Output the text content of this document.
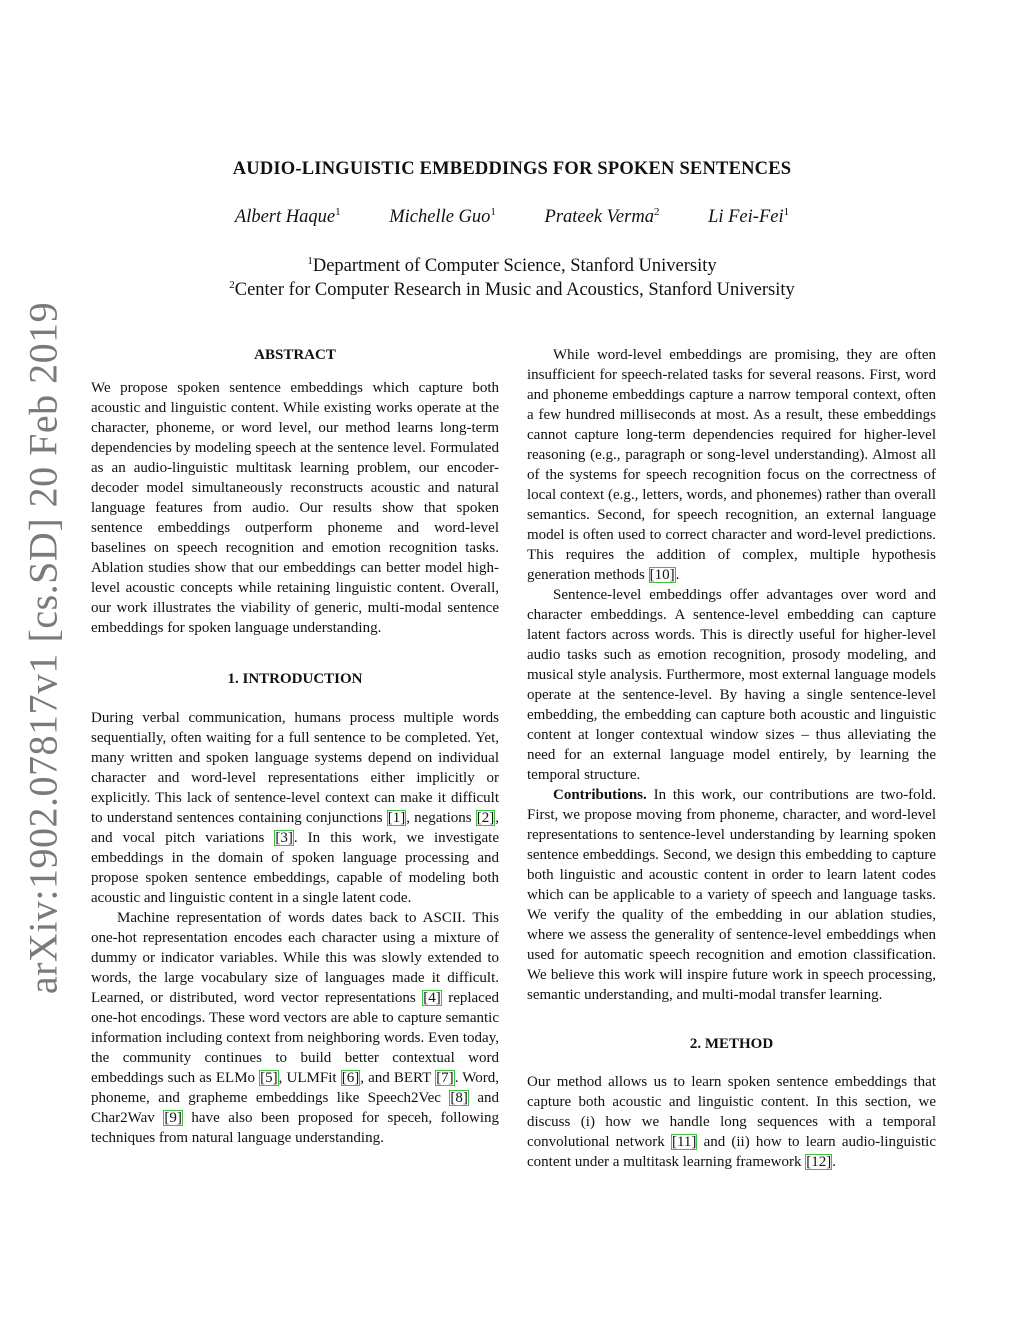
arXiv:1902.07817v1 [cs.SD] 20 Feb 2019
AUDIO-LINGUISTIC EMBEDDINGS FOR SPOKEN SENTENCES
Albert Haque$^1$	Michelle Guo$^1$	Prateek Verma$^2$	Li Fei-Fei$^1$
$^1$Department of Computer Science, Stanford University
$^2$Center for Computer Research in Music and Acoustics, Stanford University
ABSTRACT

We propose spoken sentence embeddings which capture both acoustic and linguistic content. While existing works operate at the character, phoneme, or word level, our method learns long-term dependencies by modeling speech at the sentence level. Formulated as an audio-linguistic multitask learning problem, our encoder-decoder model simultaneously reconstructs acoustic and natural language features from audio. Our results show that spoken sentence embeddings outperform phoneme and word-level baselines on speech recognition and emotion recognition tasks. Ablation studies show that our embeddings can better model high-level acoustic concepts while retaining linguistic content. Overall, our work illustrates the viability of generic, multi-modal sentence embeddings for spoken language understanding.

1. INTRODUCTION

During verbal communication, humans process multiple words sequentially, often waiting for a full sentence to be completed. Yet, many written and spoken language systems depend on individual character and word-level representations either implicitly or explicitly. This lack of sentence-level context can make it difficult to understand sentences containing conjunctions [1], negations [2], and vocal pitch variations [3]. In this work, we investigate embeddings in the domain of spoken language processing and propose spoken sentence embeddings, capable of modeling both acoustic and linguistic content in a single latent code.

Machine representation of words dates back to ASCII. This one-hot representation encodes each character using a mixture of dummy or indicator variables. While this was slowly extended to words, the large vocabulary size of languages made it difficult. Learned, or distributed, word vector representations [4] replaced one-hot encodings. These word vectors are able to capture semantic information including context from neighboring words. Even today, the community continues to build better contextual word embeddings such as ELMo [5], ULMFit [6], and BERT [7]. Word, phoneme, and grapheme embeddings like Speech2Vec [8] and Char2Wav [9] have also been proposed for speceh, following techniques from natural language understanding.

While word-level embeddings are promising, they are often insufficient for speech-related tasks for several reasons. First, word and phoneme embeddings capture a narrow temporal context, often a few hundred milliseconds at most. As a result, these embeddings cannot capture long-term dependencies required for higher-level reasoning (e.g., paragraph or song-level understanding). Almost all of the systems for speech recognition focus on the correctness of local context (e.g., letters, words, and phonemes) rather than overall semantics. Second, for speech recognition, an external language model is often used to correct character and word-level predictions. This requires the addition of complex, multiple hypothesis generation methods [10].

Sentence-level embeddings offer advantages over word and character embeddings. A sentence-level embedding can capture latent factors across words. This is directly useful for higher-level audio tasks such as emotion recognition, prosody modeling, and musical style analysis. Furthermore, most external language models operate at the sentence-level. By having a single sentence-level embedding, the embedding can capture both acoustic and linguistic content at longer contextual window sizes – thus alleviating the need for an external language model entirely, by learning the temporal structure.

Contributions. In this work, our contributions are two-fold. First, we propose moving from phoneme, character, and word-level representations to sentence-level understanding by learning spoken sentence embeddings. Second, we design this embedding to capture both linguistic and acoustic content in order to learn latent codes which can be applicable to a variety of speech and language tasks. We verify the quality of the embedding in our ablation studies, where we assess the generality of sentence-level embeddings when used for automatic speech recognition and emotion classification. We believe this work will inspire future work in speech processing, semantic understanding, and multi-modal transfer learning.

2. METHOD

Our method allows us to learn spoken sentence embeddings that capture both acoustic and linguistic content. In this section, we discuss (i) how we handle long sequences with a temporal convolutional network [11] and (ii) how to learn audio-linguistic content under a multitask learning framework [12].
